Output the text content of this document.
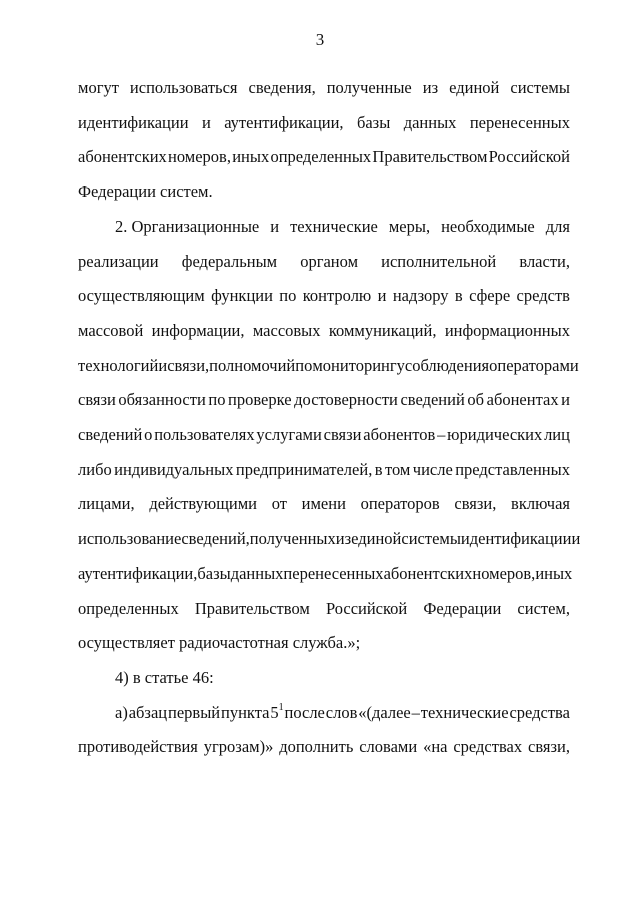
3
могут использоваться сведения, полученные из единой системы
идентификации и аутентификации, базы данных перенесенных
абонентских номеров, иных определенных Правительством Российской
Федерации систем.
2. Организационные и технические меры, необходимые для
реализации федеральным органом исполнительной власти,
осуществляющим функции по контролю и надзору в сфере средств
массовой информации, массовых коммуникаций, информационных
технологий и связи, полномочий по мониторингу соблюдения операторами
связи обязанности по проверке достоверности сведений об абонентах и
сведений о пользователях услугами связи абонентов – юридических лиц
либо индивидуальных предпринимателей, в том числе представленных
лицами, действующими от имени операторов связи, включая
использование сведений, полученных из единой системы идентификации и
аутентификации, базы данных перенесенных абонентских номеров, иных
определенных Правительством Российской Федерации систем,
осуществляет радиочастотная служба.»;
4) в статье 46:
а) абзац первый пункта $5^1$ после слов «(далее – технические средства
противодействия угрозам)» дополнить словами «на средствах связи,
